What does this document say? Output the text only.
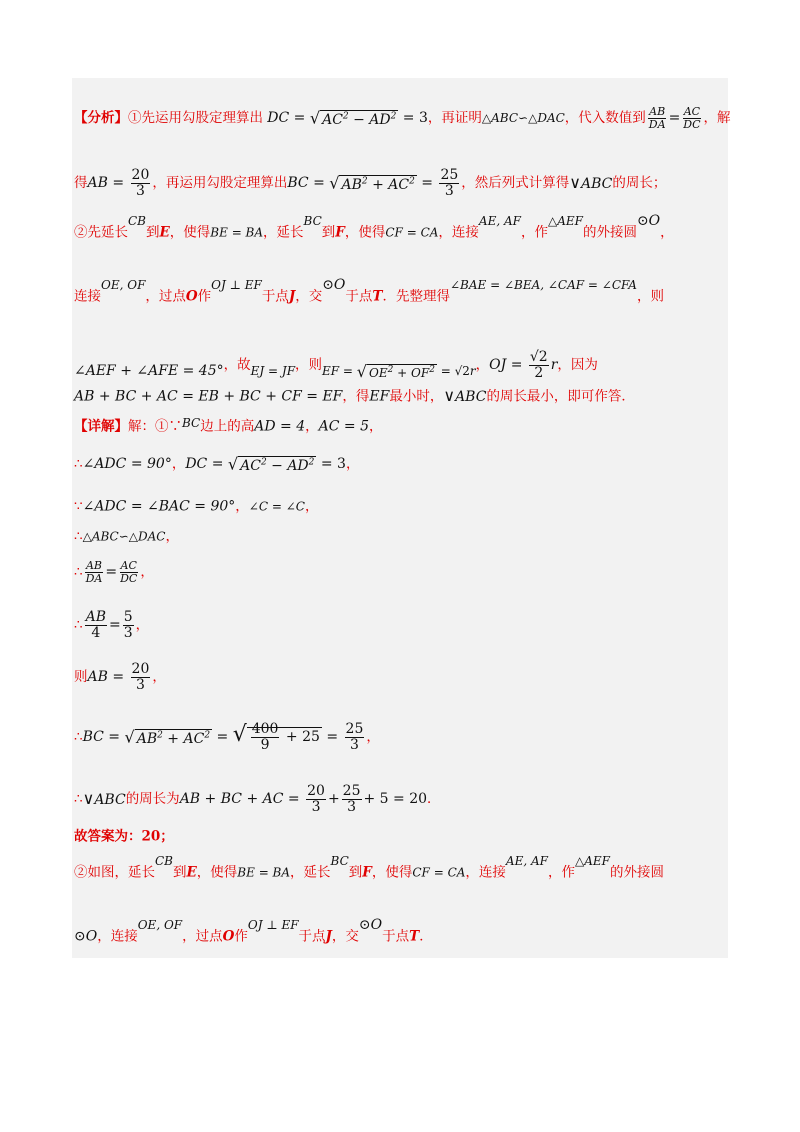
【分析】①先运用勾股定理算出 DC = √ $AC^2 - AD^2 = 3$，再证明△ABC∽△DAC，代入数值到 $\frac{AB}{DA} = \frac{AC}{DC}$ ，解
得AB = $\frac{20}{3}$ ，再运用勾股定理算出BC = √ $AB^2 + AC^2 = \frac{25}{3}$ ，然后列式计算得∨ABC的周长；
②先延长CB到E，使得BE = BA，延长BC到F，使得CF = CA，连接AE, AF，作△AEF的外接圆⊙O，
连接OE, OF，过点O作OJ ⊥ EF于点J，交⊙O于点T．先整理得∠BAE = ∠BEA, ∠CAF = ∠CFA，则
∠AEF + ∠AFE = 45°，故EJ = JF，则EF = √ $OE^2 + OF^2 = √2r$，OJ = $\frac{√2}{2}$ r，因为
AB + BC + AC = EB + BC + CF = EF，得EF最小时，∨ABC的周长最小，即可作答．
【详解】解：①∵BC边上的高AD = 4，AC = 5，
∴∠ADC = 90°，DC = √ $AC^2 - AD^2 = 3$，
∵∠ADC = ∠BAC = 90°，∠C = ∠C，
∴△ABC∽△DAC，
∴ $\frac{AB}{DA} = \frac{AC}{DC}$ ，
∴ $\frac{AB}{4} = \frac{5}{3}$ ，
则AB = $\frac{20}{3}$ ，
∴BC = √ $AB^2 + AC^2$ = √ $\frac{400}{9} + 25 = \frac{25}{3}$ ，
∴∨ABC的周长为AB + BC + AC = $\frac{20}{3} + \frac{25}{3} + 5 = 20$．
故答案为：20；
②如图，延长CB到E，使得BE = BA，延长BC到F，使得CF = CA，连接AE, AF，作△AEF的外接圆
⊙O，连接OE, OF，过点O作OJ ⊥ EF于点J，交⊙O于点T．
